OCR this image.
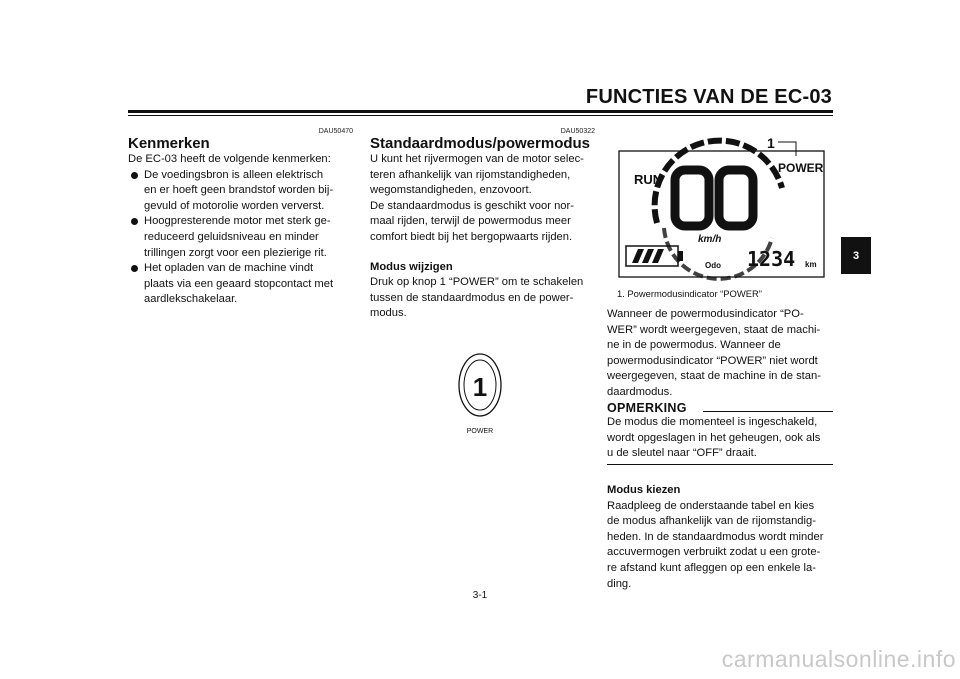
FUNCTIES VAN DE EC-03
3
DAU50470
Kenmerken
De EC-03 heeft de volgende kenmerken:
De voedingsbron is alleen elektrisch
en er hoeft geen brandstof worden bij-
gevuld of motorolie worden ververst.
Hoogpresterende motor met sterk ge-
reduceerd geluidsniveau en minder
trillingen zorgt voor een plezierige rit.
Het opladen van de machine vindt
plaats via een geaard stopcontact met
aardlekschakelaar.
DAU50322
Standaardmodus/powermodus
U kunt het rijvermogen van de motor selec-
teren afhankelijk van rijomstandigheden,
wegomstandigheden, enzovoort.
De standaardmodus is geschikt voor nor-
maal rijden, terwijl de powermodus meer
comfort biedt bij het bergopwaarts rijden.
Modus wijzigen
Druk op knop 1 “POWER” om te schakelen
tussen de standaardmodus en de power-
modus.
1
POWER
1
POWER
RUN
km/h
Odo 1234 km
1. Powermodusindicator “POWER”
Wanneer de powermodusindicator “PO-
WER” wordt weergegeven, staat de machi-
ne in de powermodus. Wanneer de
powermodusindicator “POWER” niet wordt
weergegeven, staat de machine in de stan-
daardmodus.
OPMERKING
De modus die momenteel is ingeschakeld,
wordt opgeslagen in het geheugen, ook als
u de sleutel naar “OFF” draait.
Modus kiezen
Raadpleeg de onderstaande tabel en kies
de modus afhankelijk van de rijomstandig-
heden. In de standaardmodus wordt minder
accuvermogen verbruikt zodat u een grote-
re afstand kunt afleggen op een enkele la-
ding.
3-1
carmanualsonline.info
